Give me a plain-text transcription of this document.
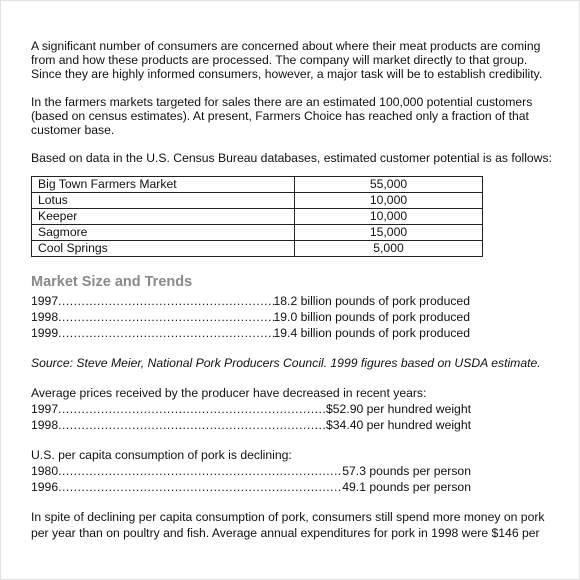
A significant number of consumers are concerned about where their meat products are coming from and how these products are processed. The company will market directly to that group. Since they are highly informed consumers, however, a major task will be to establish credibility.

In the farmers markets targeted for sales there are an estimated 100,000 potential customers (based on census estimates). At present, Farmers Choice has reached only a fraction of that customer base.

Based on data in the U.S. Census Bureau databases, estimated customer potential is as follows:

Big Town Farmers Market	55,000
Lotus	10,000
Keeper	10,000
Sagmore	15,000
Cool Springs	5,000
Market Size and Trends
1997 .....	18.2 billion pounds of pork produced
1998 .....	19.0 billion pounds of pork produced
1999 .....	19.4 billion pounds of pork produced

Source: Steve Meier, National Pork Producers Council. 1999 figures based on USDA estimate.

Average prices received by the producer have decreased in recent years:

1997 .....	$52.90 per hundred weight
1998 .....	$34.40 per hundred weight

U.S. per capita consumption of pork is declining:

1980 .....	57.3 pounds per person
1996 .....	49.1 pounds per person

In spite of declining per capita consumption of pork, consumers still spend more money on pork per year than on poultry and fish. Average annual expenditures for pork in 1998 were $146 per
